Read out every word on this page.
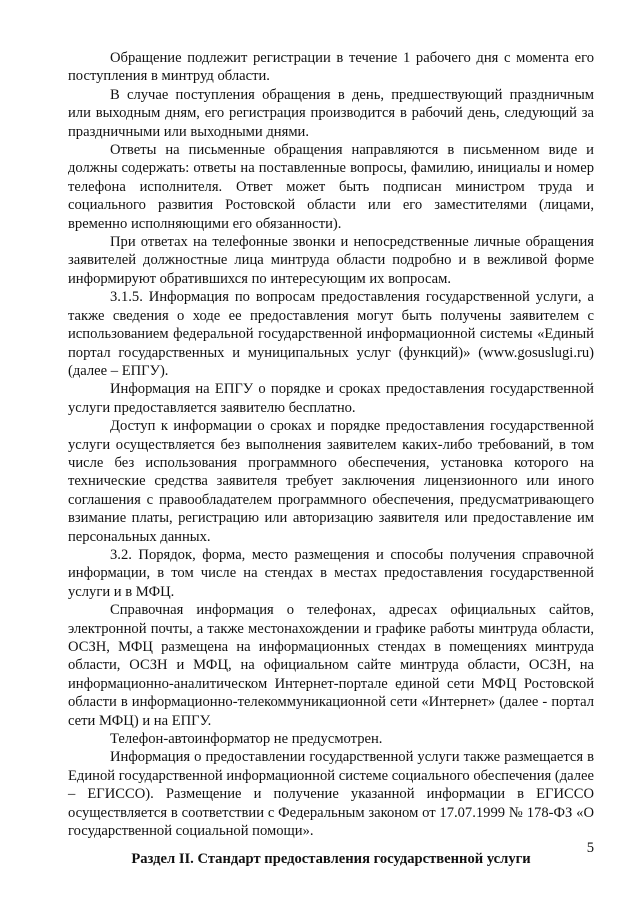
Обращение подлежит регистрации в течение 1 рабочего дня с момента его поступления в минтруд области.

В случае поступления обращения в день, предшествующий праздничным или выходным дням, его регистрация производится в рабочий день, следующий за праздничными или выходными днями.

Ответы на письменные обращения направляются в письменном виде и должны содержать: ответы на поставленные вопросы, фамилию, инициалы и номер телефона исполнителя. Ответ может быть подписан министром труда и социального развития Ростовской области или его заместителями (лицами, временно исполняющими его обязанности).

При ответах на телефонные звонки и непосредственные личные обращения заявителей должностные лица минтруда области подробно и в вежливой форме информируют обратившихся по интересующим их вопросам.

3.1.5. Информация по вопросам предоставления государственной услуги, а также сведения о ходе ее предоставления могут быть получены заявителем с использованием федеральной государственной информационной системы «Единый портал государственных и муниципальных услуг (функций)» (www.gosuslugi.ru) (далее – ЕПГУ).

Информация на ЕПГУ о порядке и сроках предоставления государственной услуги предоставляется заявителю бесплатно.

Доступ к информации о сроках и порядке предоставления государственной услуги осуществляется без выполнения заявителем каких-либо требований, в том числе без использования программного обеспечения, установка которого на технические средства заявителя требует заключения лицензионного или иного соглашения с правообладателем программного обеспечения, предусматривающего взимание платы, регистрацию или авторизацию заявителя или предоставление им персональных данных.

3.2. Порядок, форма, место размещения и способы получения справочной информации, в том числе на стендах в местах предоставления государственной услуги и в МФЦ.

Справочная информация о телефонах, адресах официальных сайтов, электронной почты, а также местонахождении и графике работы минтруда области, ОСЗН, МФЦ размещена на информационных стендах в помещениях минтруда области, ОСЗН и МФЦ, на официальном сайте минтруда области, ОСЗН, на информационно-аналитическом Интернет-портале единой сети МФЦ Ростовской области в информационно-телекоммуникационной сети «Интернет» (далее - портал сети МФЦ) и на ЕПГУ.

Телефон-автоинформатор не предусмотрен.

Информация о предоставлении государственной услуги также размещается в Единой государственной информационной системе социального обеспечения (далее – ЕГИССО). Размещение и получение указанной информации в ЕГИССО осуществляется в соответствии с Федеральным законом от 17.07.1999 № 178-ФЗ «О государственной социальной помощи».

Раздел II. Стандарт предоставления государственной услуги

5
